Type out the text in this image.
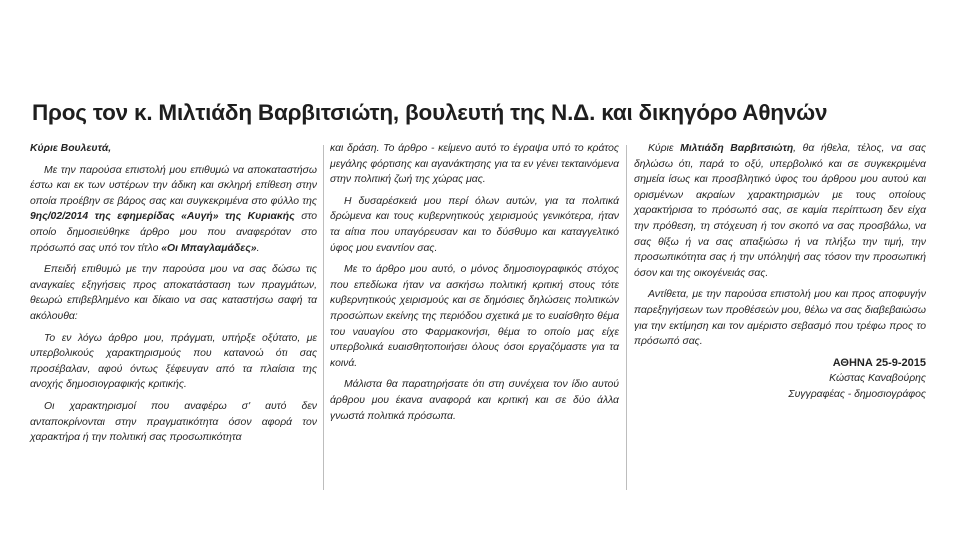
Προς τον κ. Μιλτιάδη Βαρβιτσιώτη, βουλευτή της Ν.Δ. και δικηγόρο Αθηνών

Κύριε Βουλευτά,

Με την παρούσα επιστολή μου επιθυμώ να αποκαταστήσω έστω και εκ των υστέρων την άδικη και σκληρή επίθεση στην οποία προέβην σε βάρος σας και συγκεκριμένα στο φύλλο της 9ης/02/2014 της εφημερίδας «Αυγή» της Κυριακής στο οποίο δημοσιεύθηκε άρθρο μου που αναφερόταν στο πρόσωπό σας υπό τον τίτλο «Οι Μπαγλαμάδες».

Επειδή επιθυμώ με την παρούσα μου να σας δώσω τις αναγκαίες εξηγήσεις προς αποκατάσταση των πραγμάτων, θεωρώ επιβεβλημένο και δίκαιο να σας καταστήσω σαφή τα ακόλουθα:

Το εν λόγω άρθρο μου, πράγματι, υπήρξε οξύτατο, με υπερβολικούς χαρακτηρισμούς που κατανοώ ότι σας προσέβαλαν, αφού όντως ξέφευγαν από τα πλαίσια της ανοχής δημοσιογραφικής κριτικής.

Οι χαρακτηρισμοί που αναφέρω σ' αυτό δεν ανταποκρίνονται στην πραγματικότητα όσον αφορά τον χαρακτήρα ή την πολιτική σας προσωπικότητα

και δράση. Το άρθρο - κείμενο αυτό το έγραψα υπό το κράτος μεγάλης φόρτισης και αγανάκτησης για τα εν γένει τεκταινόμενα στην πολιτική ζωή της χώρας μας.

Η δυσαρέσκειά μου περί όλων αυτών, για τα πολιτικά δρώμενα και τους κυβερνητικούς χειρισμούς γενικότερα, ήταν τα αίτια που υπαγόρευσαν και το δύσθυμο και καταγγελτικό ύφος μου εναντίον σας.

Με το άρθρο μου αυτό, ο μόνος δημοσιογραφικός στόχος που επεδίωκα ήταν να ασκήσω πολιτική κριτική στους τότε κυβερνητικούς χειρισμούς και σε δημόσιες δηλώσεις πολιτικών προσώπων εκείνης της περιόδου σχετικά με το ευαίσθητο θέμα του ναυαγίου στο Φαρμακονήσι, θέμα το οποίο μας είχε υπερβολικά ευαισθητοποιήσει όλους όσοι εργαζόμαστε για τα κοινά.

Μάλιστα θα παρατηρήσατε ότι στη συνέχεια τον ίδιο αυτού άρθρου μου έκανα αναφορά και κριτική και σε δύο άλλα γνωστά πολιτικά πρόσωπα.

Κύριε Μιλτιάδη Βαρβιτσιώτη, θα ήθελα, τέλος, να σας δηλώσω ότι, παρά το οξύ, υπερβολικό και σε συγκεκριμένα σημεία ίσως και προσβλητικό ύφος του άρθρου μου αυτού και ορισμένων ακραίων χαρακτηρισμών με τους οποίους χαρακτήρισα το πρόσωπό σας, σε καμία περίπτωση δεν είχα την πρόθεση, τη στόχευση ή τον σκοπό να σας προσβάλω, να σας θίξω ή να σας απαξιώσω ή να πλήξω την τιμή, την προσωπικότητα σας ή την υπόληψή σας τόσον την προσωπική όσον και της οικογένειάς σας.

Αντίθετα, με την παρούσα επιστολή μου και προς αποφυγήν παρεξηγήσεων των προθέσεών μου, θέλω να σας διαβεβαιώσω για την εκτίμηση και τον αμέριστο σεβασμό που τρέφω προς το πρόσωπό σας.

ΑΘΗΝΑ 25-9-2015

Κώστας Καναβούρης

Συγγραφέας - δημοσιογράφος
